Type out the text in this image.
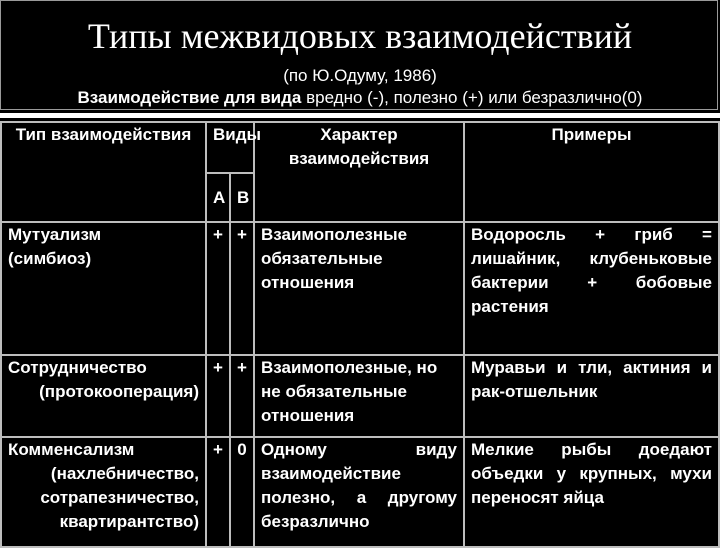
Типы межвидовых взаимодействий
(по Ю.Одуму, 1986)
Взаимодействие для вида вредно (-), полезно (+) или безразлично(0)
Тип взаимодействия	Виды		Характер взаимодействия	Примеры
	А	В		

Мутуализм
(симбиоз)	+	+	Взаимополезные обязательные отношения	Водоросль + гриб = лишайник, клубеньковые бактерии + бобовые растения

Сотрудничество
(протокооперация)	+	+	Взаимополезные, но не обязательные отношения	Муравьи и тли, актиния и рак-отшельник

Комменсализм
(нахлебничество,
сотрапезничество,
квартирантство)	+	0	Одному виду взаимодействие полезно, а другому безразлично	Мелкие рыбы доедают объедки у крупных, мухи переносят яйца
